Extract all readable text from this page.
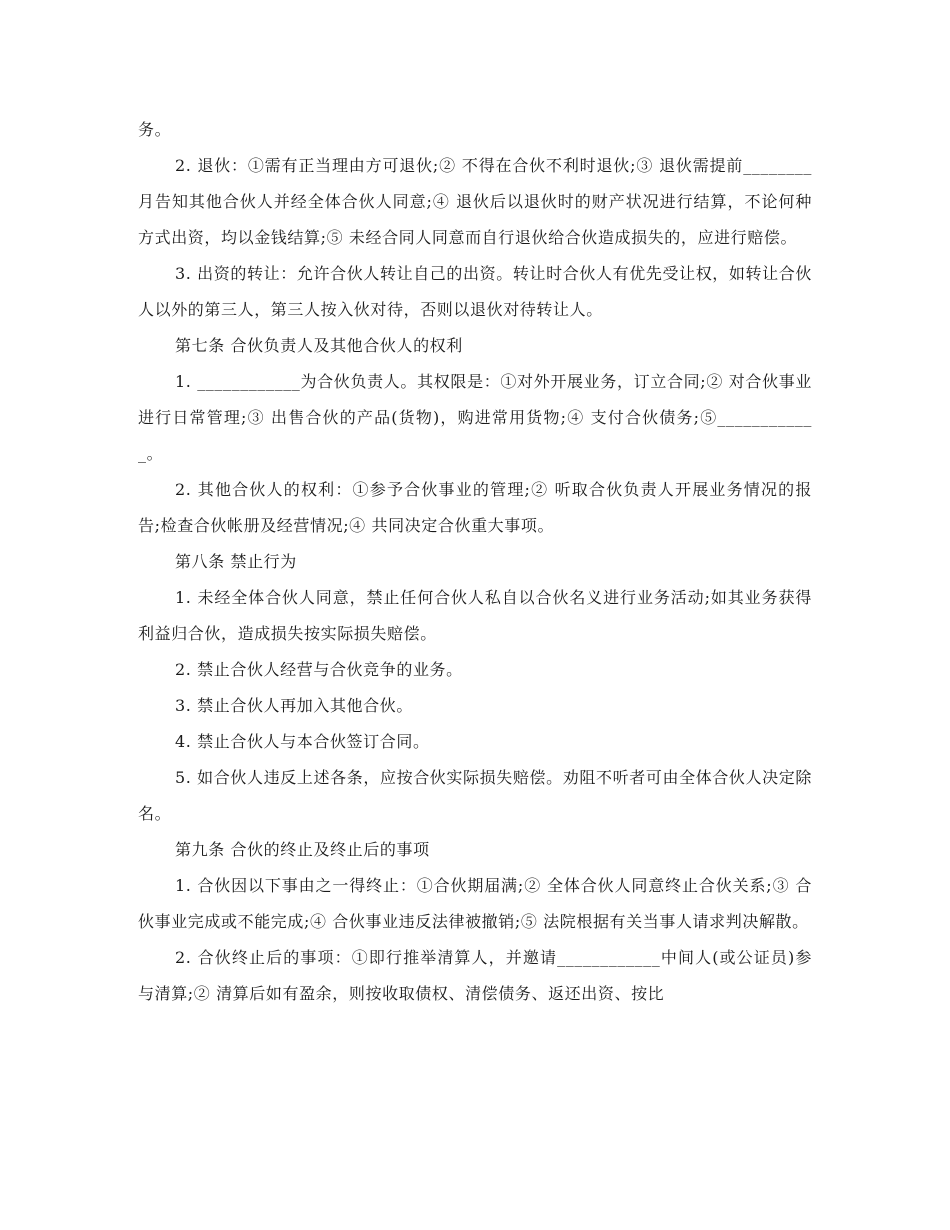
务。

2. 退伙：①需有正当理由方可退伙;② 不得在合伙不利时退伙;③ 退伙需提前________月告知其他合伙人并经全体合伙人同意;④ 退伙后以退伙时的财产状况进行结算，不论何种方式出资，均以金钱结算;⑤ 未经合同人同意而自行退伙给合伙造成损失的，应进行赔偿。

3. 出资的转让：允许合伙人转让自己的出资。转让时合伙人有优先受让权，如转让合伙人以外的第三人，第三人按入伙对待，否则以退伙对待转让人。

第七条 合伙负责人及其他合伙人的权利

1. ____________为合伙负责人。其权限是：①对外开展业务，订立合同;② 对合伙事业进行日常管理;③ 出售合伙的产品(货物)，购进常用货物;④ 支付合伙债务;⑤____________。

2. 其他合伙人的权利：①参予合伙事业的管理;② 听取合伙负责人开展业务情况的报告;检查合伙帐册及经营情况;④ 共同决定合伙重大事项。

第八条 禁止行为

1. 未经全体合伙人同意，禁止任何合伙人私自以合伙名义进行业务活动;如其业务获得利益归合伙，造成损失按实际损失赔偿。

2. 禁止合伙人经营与合伙竞争的业务。

3. 禁止合伙人再加入其他合伙。

4. 禁止合伙人与本合伙签订合同。

5. 如合伙人违反上述各条，应按合伙实际损失赔偿。劝阻不听者可由全体合伙人决定除名。

第九条 合伙的终止及终止后的事项

1. 合伙因以下事由之一得终止：①合伙期届满;② 全体合伙人同意终止合伙关系;③ 合伙事业完成或不能完成;④ 合伙事业违反法律被撤销;⑤ 法院根据有关当事人请求判决解散。

2. 合伙终止后的事项：①即行推举清算人，并邀请____________中间人(或公证员)参与清算;② 清算后如有盈余，则按收取债权、清偿债务、返还出资、按比
